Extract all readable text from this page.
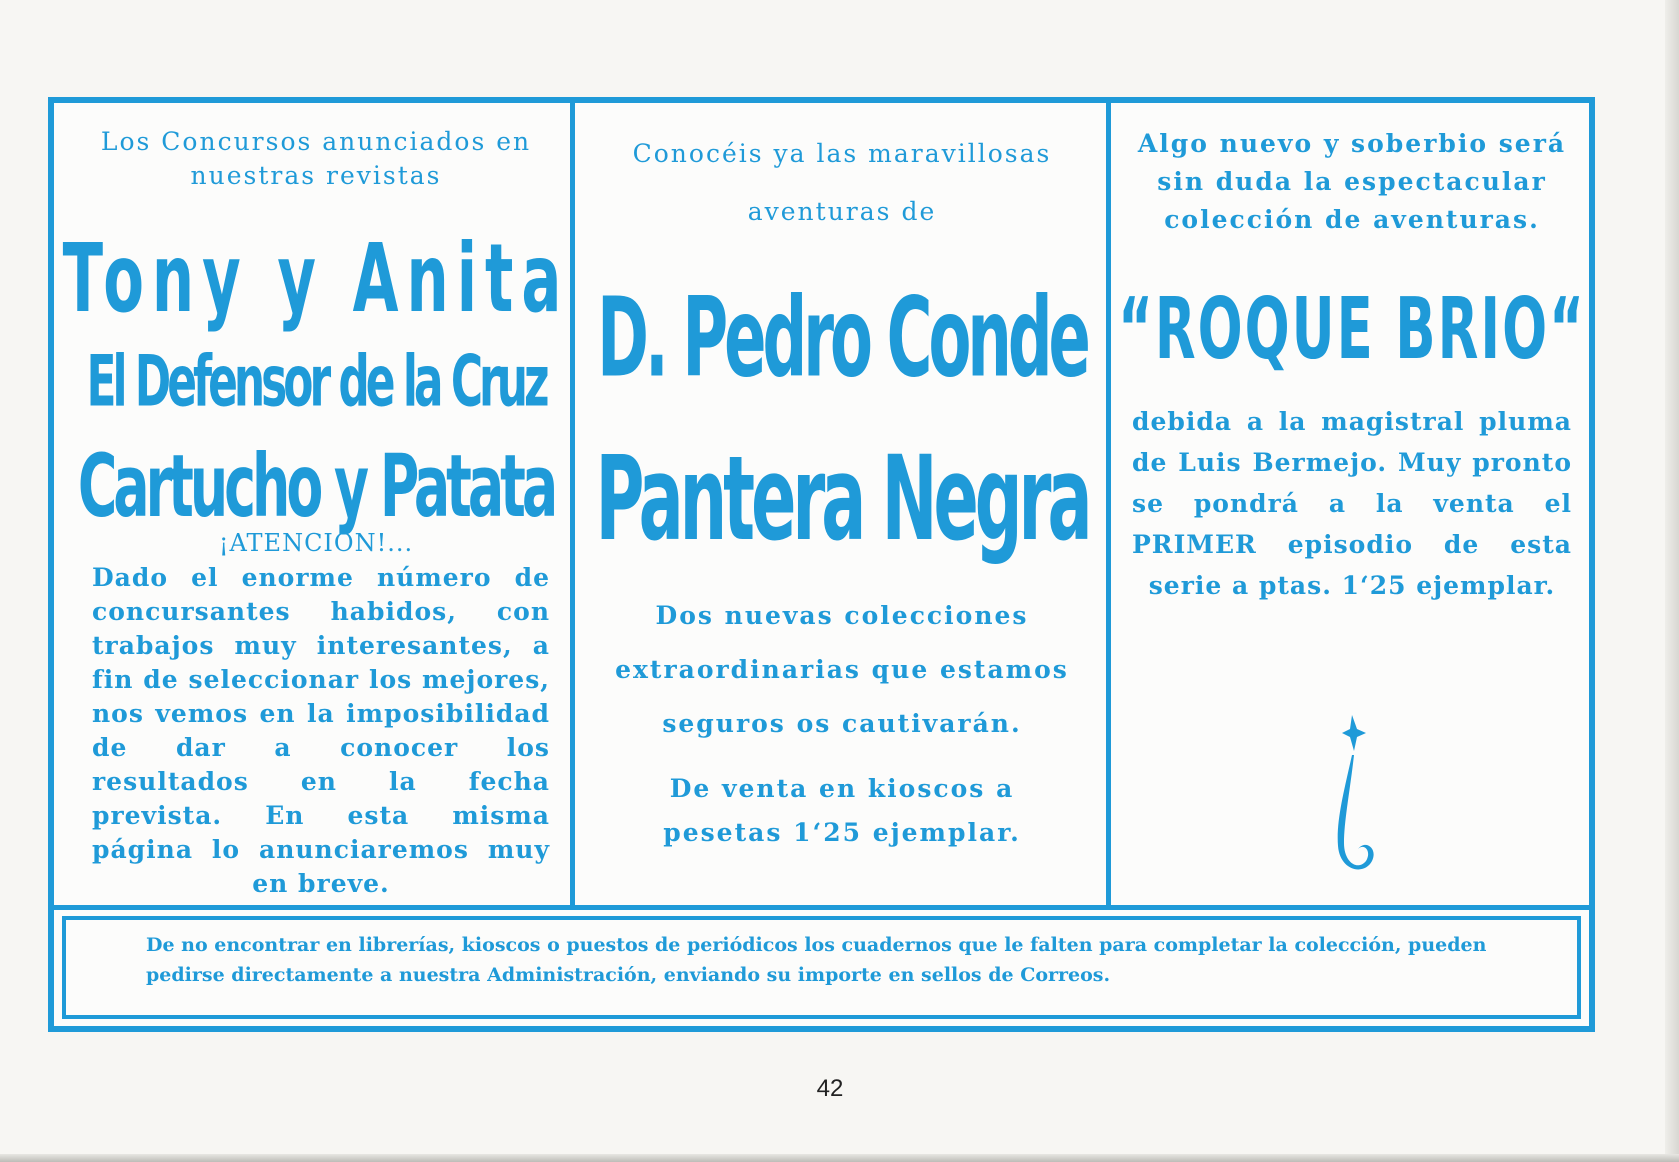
Los Concursos anunciados en nuestras revistas
Tony y Anita
El Defensor de la Cruz
Cartucho y Patata
¡ATENCION!...
Dado el enorme número de concursantes habidos, con trabajos muy interesantes, a fin de seleccionar los mejores, nos vemos en la imposibilidad de dar a conocer los resultados en la fecha prevista. En esta misma página lo anunciaremos muy en breve.
Conocéis ya las maravillosas aventuras de
D. Pedro Conde
Pantera Negra
Dos nuevas colecciones extraordinarias que estamos seguros os cautivarán.
De venta en kioscos a pesetas 1‘25 ejemplar.
Algo nuevo y soberbio será sin duda la espectacular colección de aventuras.
“ROQUE BRIO“
debida a la magistral pluma de Luis Bermejo. Muy pronto se pondrá a la venta el PRIMER episodio de esta serie a ptas. 1‘25 ejemplar.
De no encontrar en librerías, kioscos o puestos de periódicos los cuadernos que le falten para completar la colección, pueden pedirse directamente a nuestra Administración, enviando su importe en sellos de Correos.
42
